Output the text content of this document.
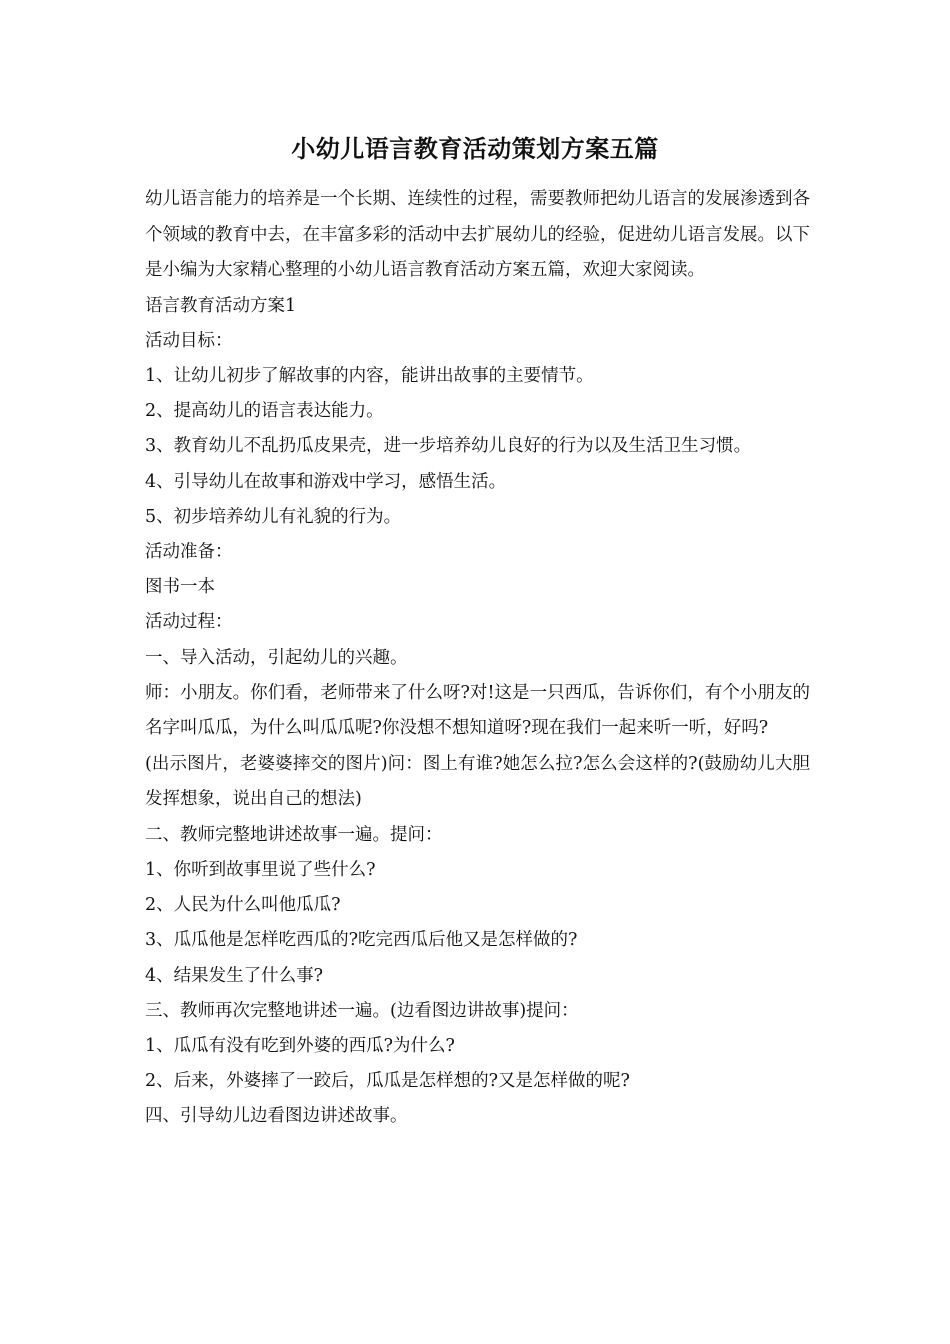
小幼儿语言教育活动策划方案五篇

幼儿语言能力的培养是一个长期、连续性的过程，需要教师把幼儿语言的发展渗透到各个领域的教育中去，在丰富多彩的活动中去扩展幼儿的经验，促进幼儿语言发展。以下是小编为大家精心整理的小幼儿语言教育活动方案五篇，欢迎大家阅读。

语言教育活动方案1

活动目标：

1、让幼儿初步了解故事的内容，能讲出故事的主要情节。

2、提高幼儿的语言表达能力。

3、教育幼儿不乱扔瓜皮果壳，进一步培养幼儿良好的行为以及生活卫生习惯。

4、引导幼儿在故事和游戏中学习，感悟生活。

5、初步培养幼儿有礼貌的行为。

活动准备：

图书一本

活动过程：

一、导入活动，引起幼儿的兴趣。

师：小朋友。你们看，老师带来了什么呀?对!这是一只西瓜，告诉你们，有个小朋友的名字叫瓜瓜，为什么叫瓜瓜呢?你没想不想知道呀?现在我们一起来听一听，好吗?

(出示图片，老婆婆摔交的图片)问：图上有谁?她怎么拉?怎么会这样的?(鼓励幼儿大胆发挥想象，说出自己的想法)

二、教师完整地讲述故事一遍。提问：

1、你听到故事里说了些什么?

2、人民为什么叫他瓜瓜?

3、瓜瓜他是怎样吃西瓜的?吃完西瓜后他又是怎样做的?

4、结果发生了什么事?

三、教师再次完整地讲述一遍。(边看图边讲故事)提问：

1、瓜瓜有没有吃到外婆的西瓜?为什么?

2、后来，外婆摔了一跤后，瓜瓜是怎样想的?又是怎样做的呢?

四、引导幼儿边看图边讲述故事。
